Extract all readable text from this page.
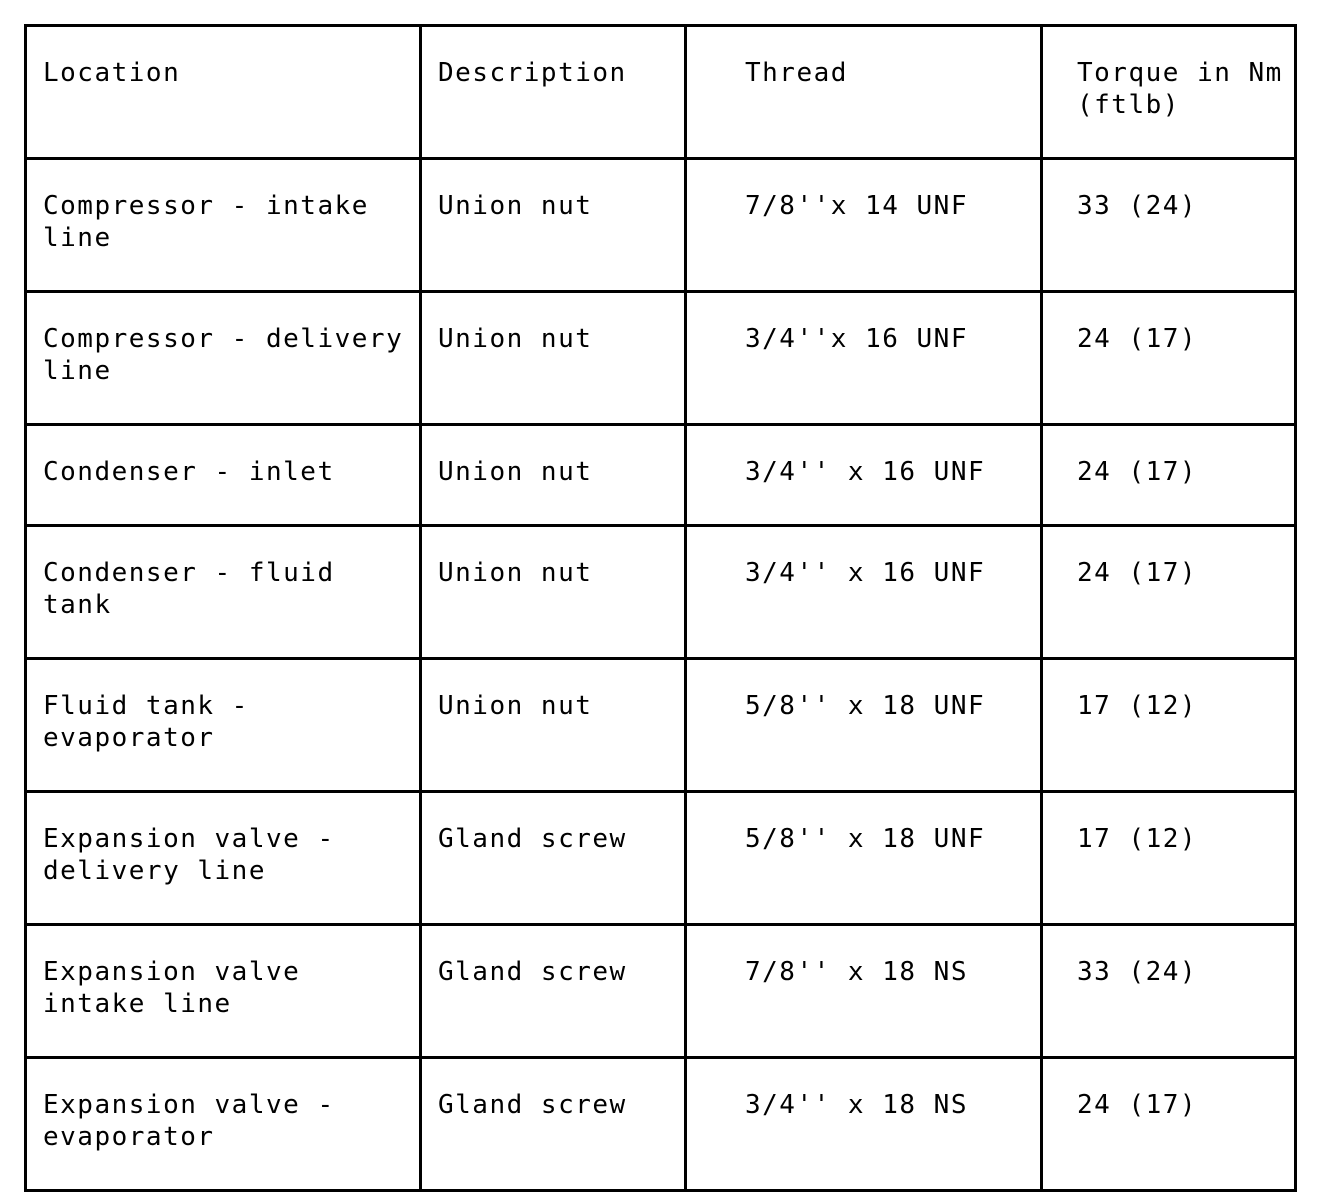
Location	Description	Thread	Torque in Nm
(ftlb)
Compressor - intake
line	Union nut	7/8''x 14 UNF	33 (24)
Compressor - delivery
line	Union nut	3/4''x 16 UNF	24 (17)
Condenser - inlet	Union nut	3/4'' x 16 UNF	24 (17)
Condenser - fluid
tank	Union nut	3/4'' x 16 UNF	24 (17)
Fluid tank -
evaporator	Union nut	5/8'' x 18 UNF	17 (12)
Expansion valve -
delivery line	Gland screw	5/8'' x 18 UNF	17 (12)
Expansion valve
intake line	Gland screw	7/8'' x 18 NS	33 (24)
Expansion valve -
evaporator	Gland screw	3/4'' x 18 NS	24 (17)
